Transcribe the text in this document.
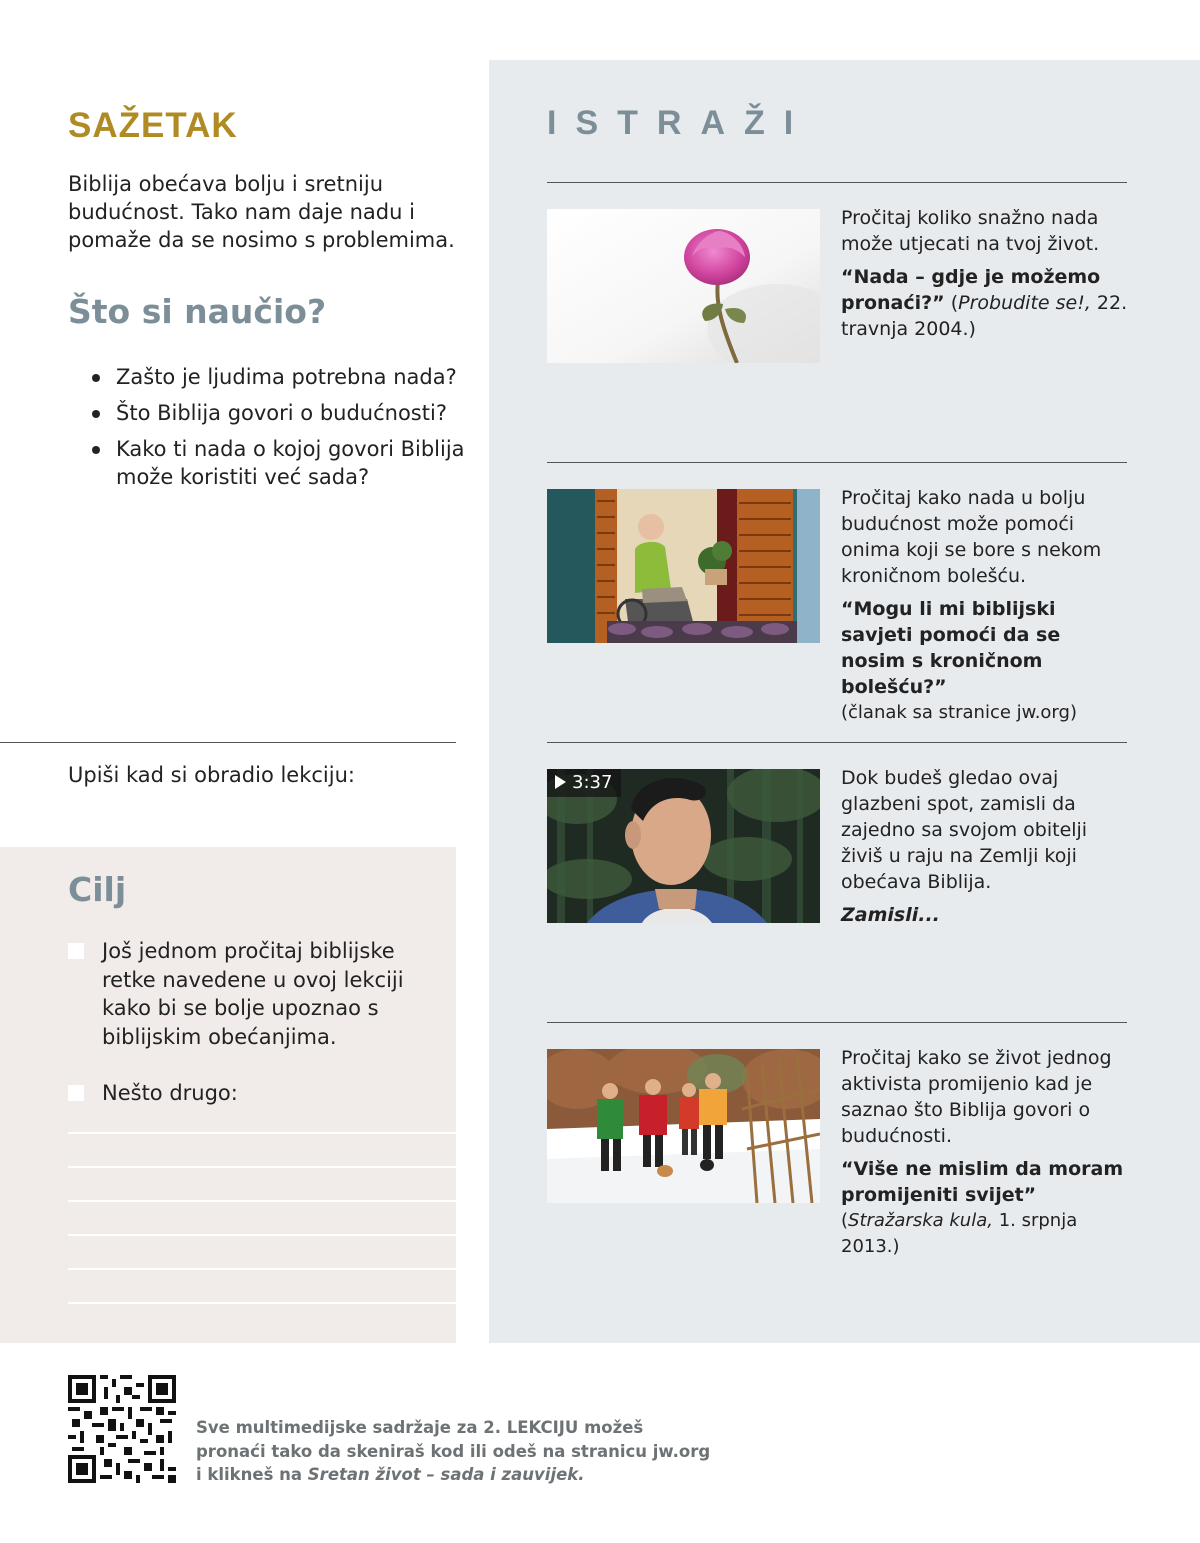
SAŽETAK

Biblija obećava bolju i sretniju budućnost. Tako nam daje nadu i pomaže da se nosimo s problemima.

Što si naučio?
Zašto je ljudima potrebna nada?
Što Biblija govori o budućnosti?
Kako ti nada o kojoj govori Biblija može koristiti već sada?
Upiši kad si obradio lekciju:
Cilj
Još jednom pročitaj biblijske retke navedene u ovoj lekciji kako bi se bolje upoznao s biblijskim obećanjima.
Nešto drugo:
ISTRAŽI
Pročitaj koliko snažno nada može utjecati na tvoj život.
“Nada – gdje je možemo pronaći?” (Probudite se!, 22. travnja 2004.)
Pročitaj kako nada u bolju budućnost može pomoći onima koji se bore s nekom kroničnom bolešću.
“Mogu li mi biblijski savjeti pomoći da se nosim s kroničnom bolešću?”
(članak sa stranice jw.org)
3:37	Dok budeš gledao ovaj glazbeni spot, zamisli da zajedno sa svojom obitelji živiš u raju na Zemlji koji obećava Biblija.
Zamisli...
Pročitaj kako se život jednog aktivista promijenio kad je saznao što Biblija govori o budućnosti.
“Više ne mislim da moram promijeniti svijet”
(Stražarska kula, 1. srpnja 2013.)
Sve multimedijske sadržaje za 2. LEKCIJU možeš pronaći tako da skeniraš kod ili odeš na stranicu jw.org i klikneš na Sretan život – sada i zauvijek.
